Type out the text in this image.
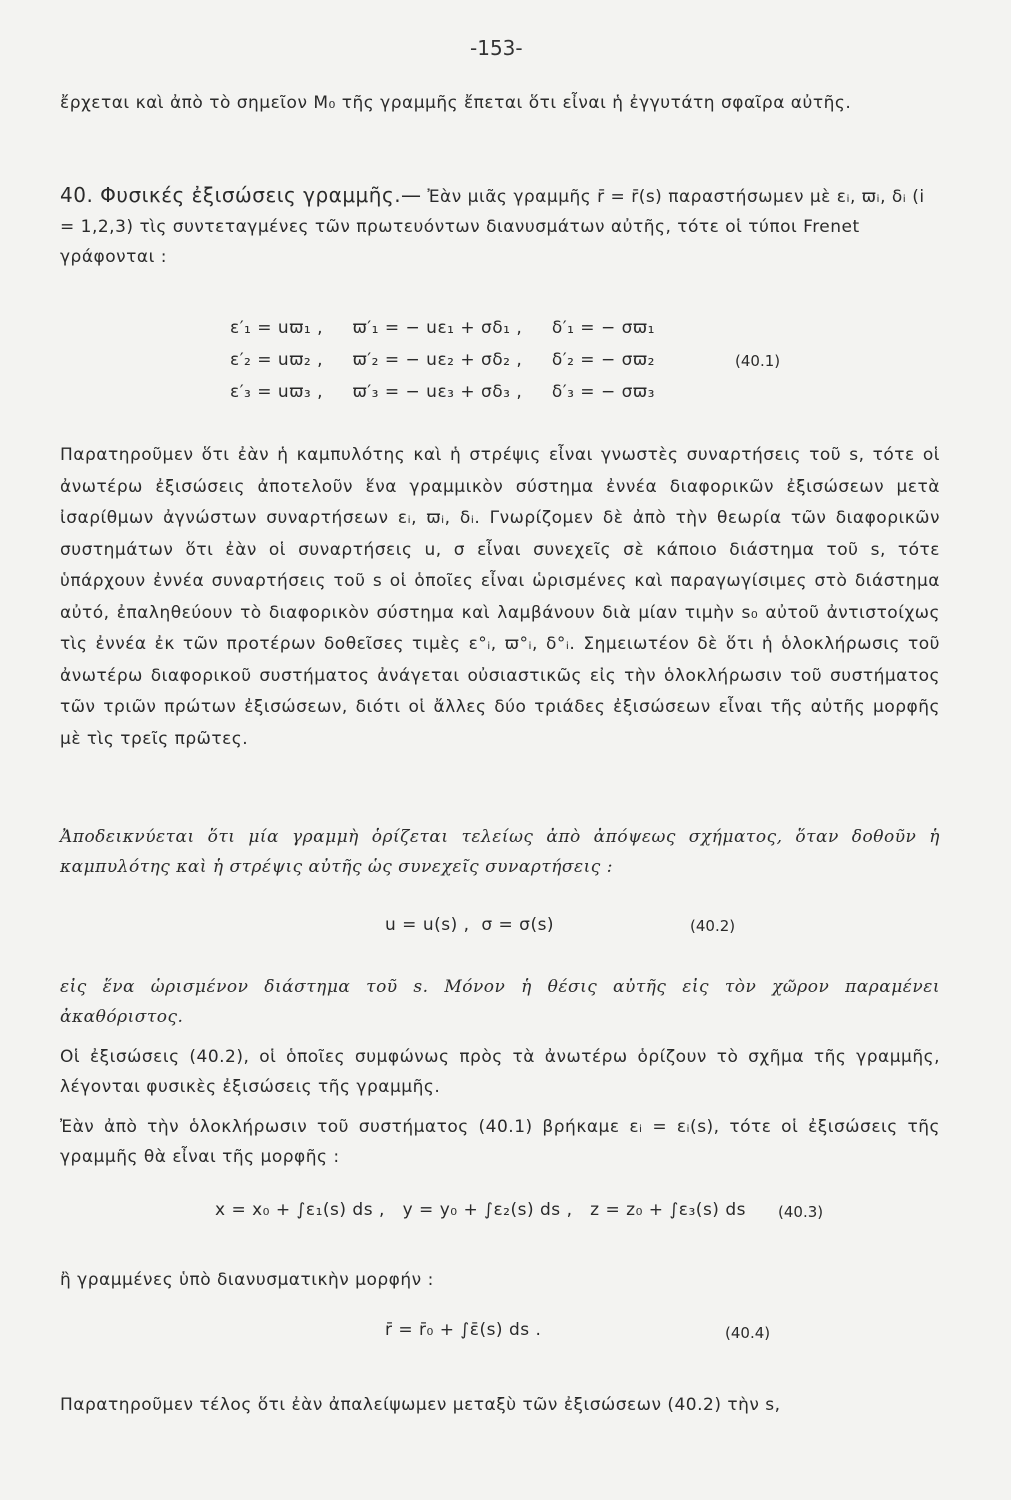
-153-

ἔρχεται καὶ ἀπὸ τὸ σημεῖον M₀ τῆς γραμμῆς ἔπεται ὅτι εἶναι ἡ ἐγγυτάτη σφαῖρα αὐτῆς.

40. Φυσικές ἐξισώσεις γραμμῆς.— Ἐὰν μιᾶς γραμμῆς r̄ = r̄(s) παραστήσωμεν μὲ εᵢ, ϖᵢ, δᵢ (i = 1,2,3) τὶς συντεταγμένες τῶν πρωτευόντων διανυσμάτων αὐτῆς, τότε οἱ τύποι Frenet γράφονται :
ε′₁ = uϖ₁ ,     ϖ′₁ = − uε₁ + σδ₁ ,     δ′₁ = − σϖ₁
ε′₂ = uϖ₂ ,     ϖ′₂ = − uε₂ + σδ₂ ,     δ′₂ = − σϖ₂
ε′₃ = uϖ₃ ,     ϖ′₃ = − uε₃ + σδ₃ ,     δ′₃ = − σϖ₃
(40.1)

Παρατηροῦμεν ὅτι ἐὰν ἡ καμπυλότης καὶ ἡ στρέψις εἶναι γνωστὲς συναρτήσεις τοῦ s, τότε οἱ ἀνωτέρω ἐξισώσεις ἀποτελοῦν ἕνα γραμμικὸν σύστημα ἐννέα διαφορικῶν ἐξισώσεων μετὰ ἰσαρίθμων ἀγνώστων συναρτήσεων εᵢ, ϖᵢ, δᵢ. Γνωρίζομεν δὲ ἀπὸ τὴν θεωρία τῶν διαφορικῶν συστημάτων ὅτι ἐὰν οἱ συναρτήσεις u, σ εἶναι συνεχεῖς σὲ κάποιο διάστημα τοῦ s, τότε ὑπάρχουν ἐννέα συναρτήσεις τοῦ s οἱ ὁποῖες εἶναι ὡρισμένες καὶ παραγωγίσιμες στὸ διάστημα αὐτό, ἐπαληθεύουν τὸ διαφορικὸν σύστημα καὶ λαμβάνουν διὰ μίαν τιμὴν s₀ αὐτοῦ ἀντιστοίχως τὶς ἐννέα ἐκ τῶν προτέρων δοθεῖσες τιμὲς ε°ᵢ, ϖ°ᵢ, δ°ᵢ. Σημειωτέον δὲ ὅτι ἡ ὁλοκλήρωσις τοῦ ἀνωτέρω διαφορικοῦ συστήματος ἀνάγεται οὐσιαστικῶς εἰς τὴν ὁλοκλήρωσιν τοῦ συστήματος τῶν τριῶν πρώτων ἐξισώσεων, διότι οἱ ἄλλες δύο τριάδες ἐξισώσεων εἶναι τῆς αὐτῆς μορφῆς μὲ τὶς τρεῖς πρῶτες.

Ἀποδεικνύεται ὅτι μία γραμμὴ ὁρίζεται τελείως ἀπὸ ἀπόψεως σχήματος, ὅταν δοθοῦν ἡ καμπυλότης καὶ ἡ στρέψις αὐτῆς ὡς συνεχεῖς συναρτήσεις :

u = u(s) ,  σ = σ(s)	(40.2)

εἰς ἕνα ὡρισμένον διάστημα τοῦ s. Μόνον ἡ θέσις αὐτῆς εἰς τὸν χῶρον παραμένει ἀκαθόριστος.

Οἱ ἐξισώσεις (40.2), οἱ ὁποῖες συμφώνως πρὸς τὰ ἀνωτέρω ὁρίζουν τὸ σχῆμα τῆς γραμμῆς, λέγονται φυσικὲς ἐξισώσεις τῆς γραμμῆς.

Ἐὰν ἀπὸ τὴν ὁλοκλήρωσιν τοῦ συστήματος (40.1) βρήκαμε εᵢ = εᵢ(s), τότε οἱ ἐξισώσεις τῆς γραμμῆς θὰ εἶναι τῆς μορφῆς :

x = x₀ + ∫ε₁(s) ds ,   y = y₀ + ∫ε₂(s) ds ,   z = z₀ + ∫ε₃(s) ds (40.3)

ἢ γραμμένες ὑπὸ διανυσματικὴν μορφήν :

r̄ = r̄₀ + ∫ε̄(s) ds .	(40.4)

Παρατηροῦμεν τέλος ὅτι ἐὰν ἀπαλείψωμεν μεταξὺ τῶν ἐξισώσεων (40.2) τὴν s,
